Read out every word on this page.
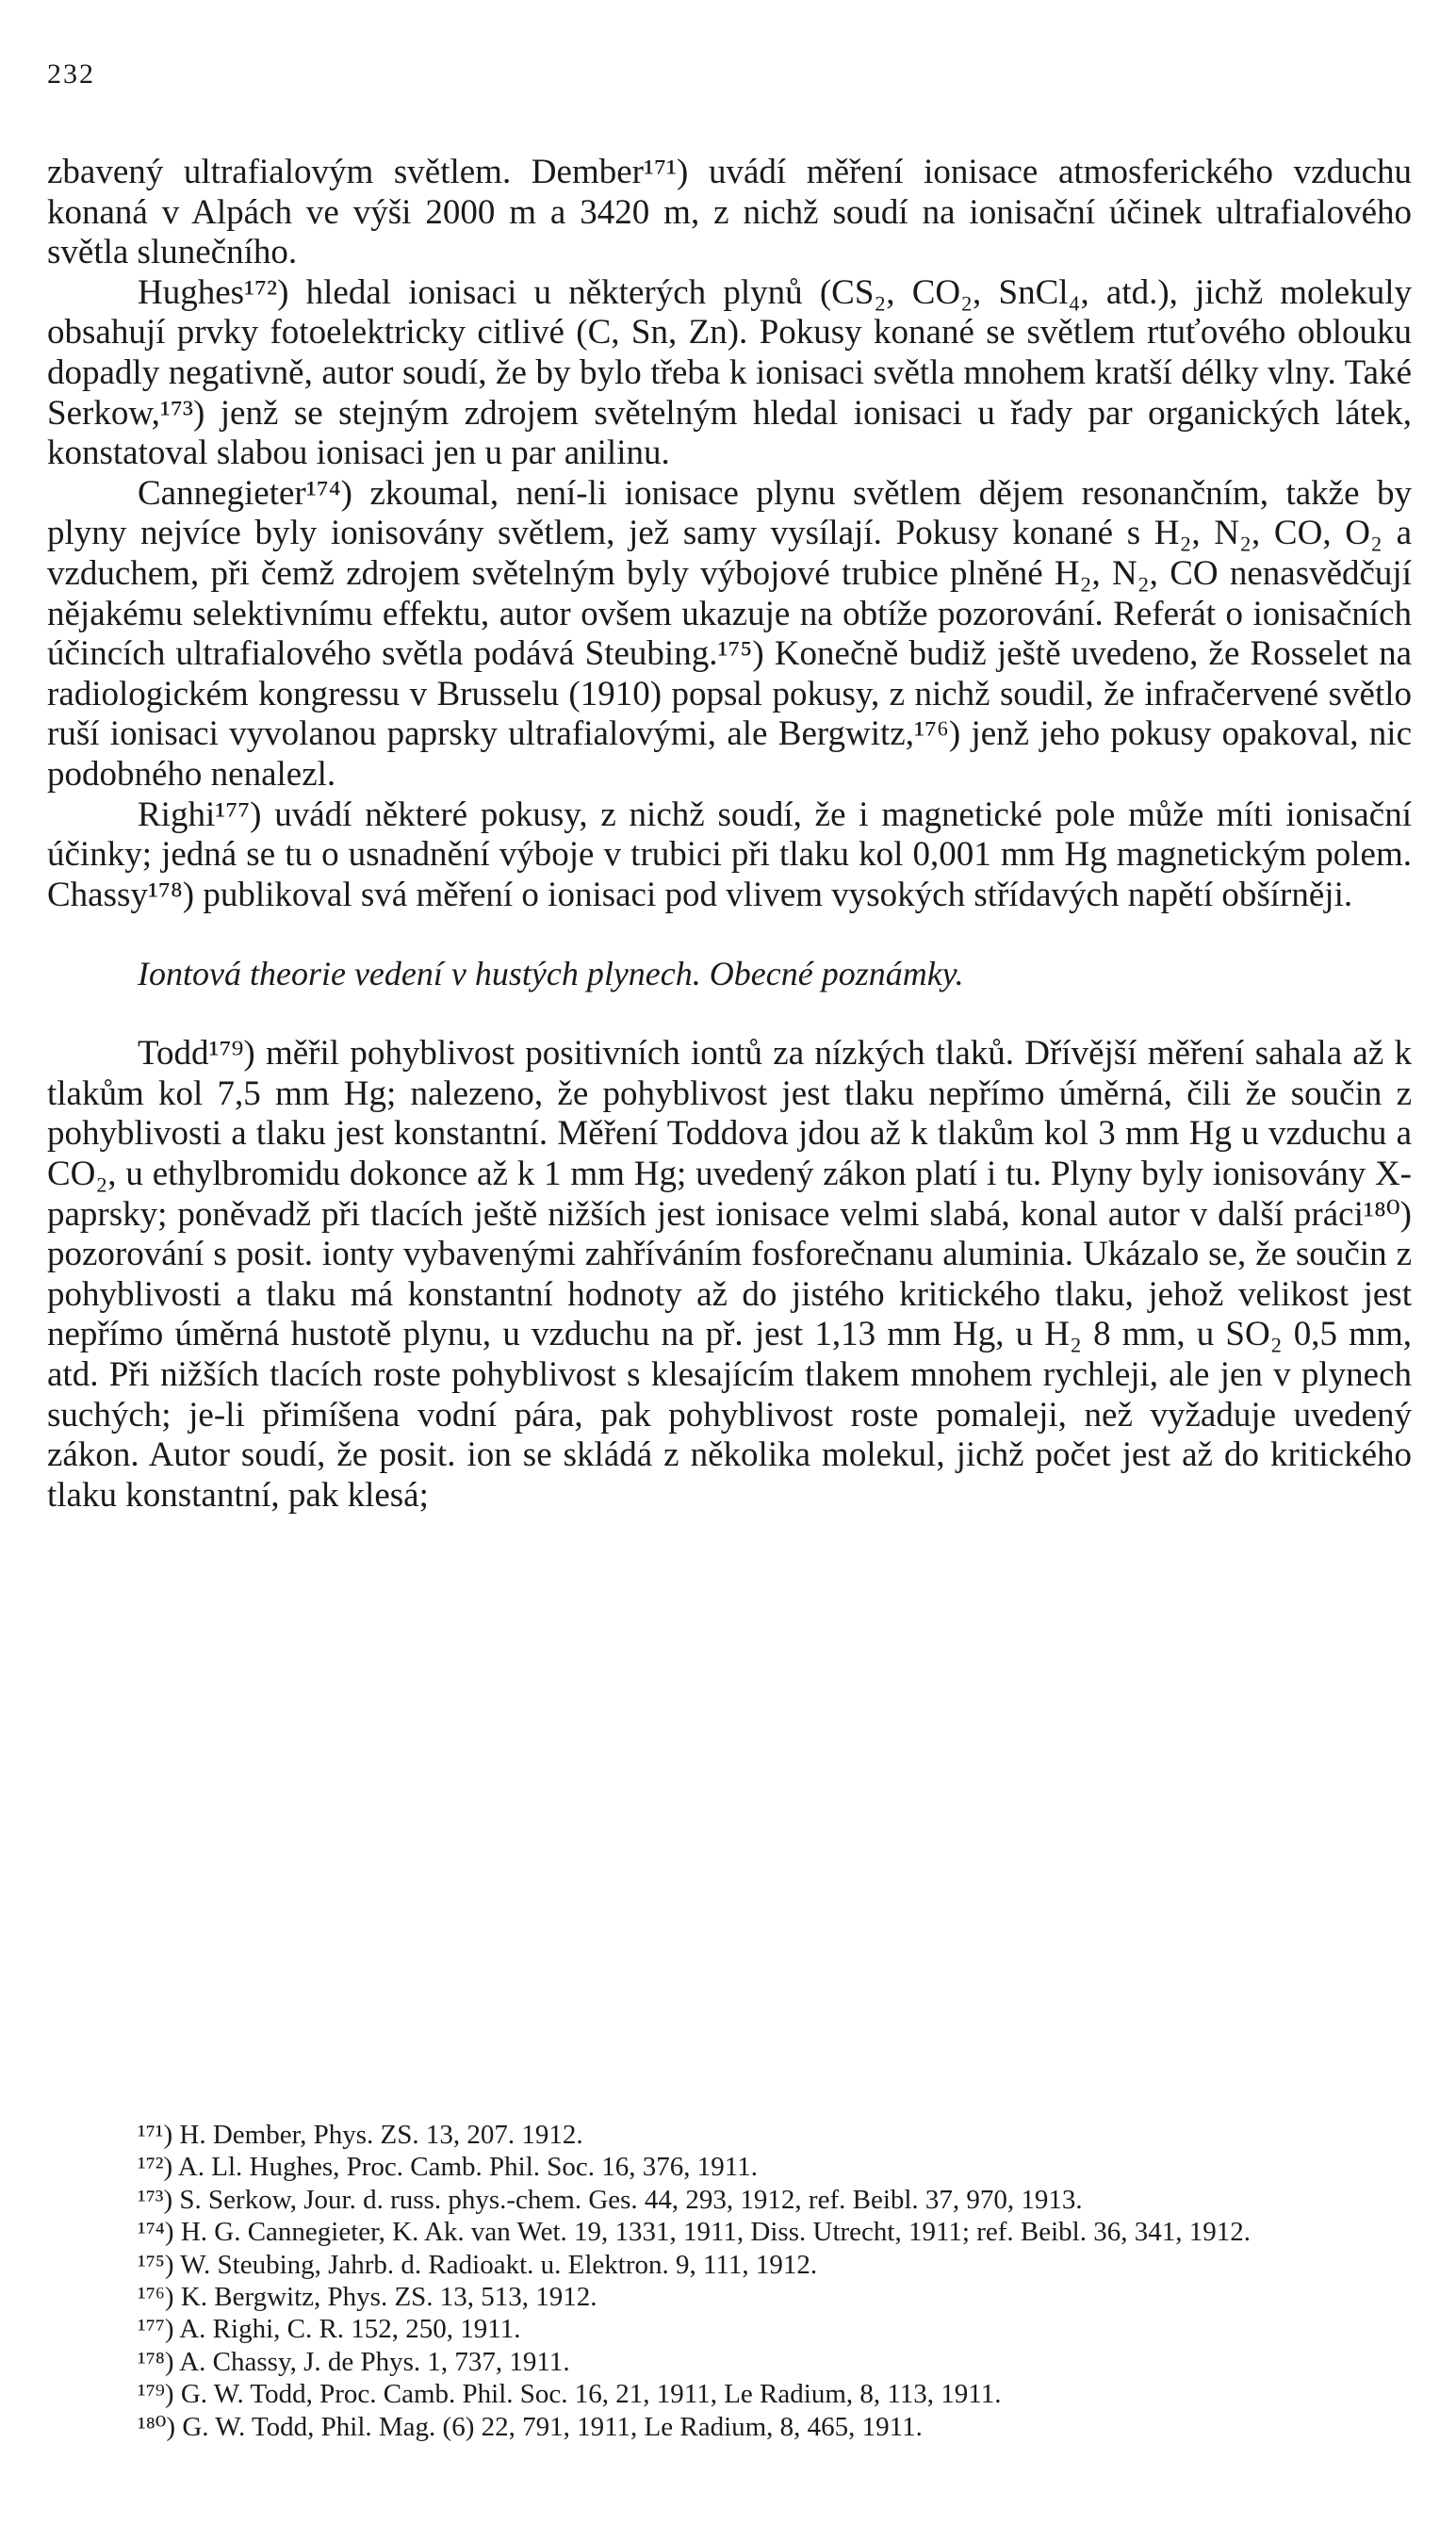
232

zbavený ultrafialovým světlem. Dember¹⁷¹) uvádí měření ionisace atmosferického vzduchu konaná v Alpách ve výši 2000 m a 3420 m, z nichž soudí na ionisační účinek ultrafialového světla slunečního.

Hughes¹⁷²) hledal ionisaci u některých plynů (CS₂, CO₂, SnCl₄, atd.), jichž molekuly obsahují prvky fotoelektricky citlivé (C, Sn, Zn). Pokusy konané se světlem rtuťového oblouku dopadly negativně, autor soudí, že by bylo třeba k ionisaci světla mnohem kratší délky vlny. Také Serkow,¹⁷³) jenž se stejným zdrojem světelným hledal ionisaci u řady par organických látek, konstatoval slabou ionisaci jen u par anilinu.

Cannegieter¹⁷⁴) zkoumal, není-li ionisace plynu světlem dějem resonančním, takže by plyny nejvíce byly ionisovány světlem, jež samy vysílají. Pokusy konané s H₂, N₂, CO, O₂ a vzduchem, při čemž zdrojem světelným byly výbojové trubice plněné H₂, N₂, CO nenasvědčují nějakému selektivnímu effektu, autor ovšem ukazuje na obtíže pozorování. Referát o ionisačních účincích ultrafialového světla podává Steubing.¹⁷⁵) Konečně budiž ještě uvedeno, že Rosselet na radiologickém kongressu v Brusselu (1910) popsal pokusy, z nichž soudil, že infračervené světlo ruší ionisaci vyvolanou paprsky ultrafialovými, ale Bergwitz,¹⁷⁶) jenž jeho pokusy opakoval, nic podobného nenalezl.

Righi¹⁷⁷) uvádí některé pokusy, z nichž soudí, že i magnetické pole může míti ionisační účinky; jedná se tu o usnadnění výboje v trubici při tlaku kol 0,001 mm Hg magnetickým polem. Chassy¹⁷⁸) publikoval svá měření o ionisaci pod vlivem vysokých střídavých napětí obšírněji.

Iontová theorie vedení v hustých plynech. Obecné poznámky.

Todd¹⁷⁹) měřil pohyblivost positivních iontů za nízkých tlaků. Dřívější měření sahala až k tlakům kol 7,5 mm Hg; nalezeno, že pohyblivost jest tlaku nepřímo úměrná, čili že součin z pohyblivosti a tlaku jest konstantní. Měření Toddova jdou až k tlakům kol 3 mm Hg u vzduchu a CO₂, u ethylbromidu dokonce až k 1 mm Hg; uvedený zákon platí i tu. Plyny byly ionisovány X-paprsky; poněvadž při tlacích ještě nižších jest ionisace velmi slabá, konal autor v další práci¹⁸⁰) pozorování s posit. ionty vybavenými zahříváním fosforečnanu aluminia. Ukázalo se, že součin z pohyblivosti a tlaku má konstantní hodnoty až do jistého kritického tlaku, jehož velikost jest nepřímo úměrná hustotě plynu, u vzduchu na př. jest 1,13 mm Hg, u H₂ 8 mm, u SO₂ 0,5 mm, atd. Při nižších tlacích roste pohyblivost s klesajícím tlakem mnohem rychleji, ale jen v plynech suchých; je-li přimíšena vodní pára, pak pohyblivost roste pomaleji, než vyžaduje uvedený zákon. Autor soudí, že posit. ion se skládá z několika molekul, jichž počet jest až do kritického tlaku konstantní, pak klesá;

¹⁷¹) H. Dember, Phys. ZS. 13, 207. 1912.

¹⁷²) A. Ll. Hughes, Proc. Camb. Phil. Soc. 16, 376, 1911.

¹⁷³) S. Serkow, Jour. d. russ. phys.-chem. Ges. 44, 293, 1912, ref. Beibl. 37, 970, 1913.

¹⁷⁴) H. G. Cannegieter, K. Ak. van Wet. 19, 1331, 1911, Diss. Utrecht, 1911; ref. Beibl. 36, 341, 1912.

¹⁷⁵) W. Steubing, Jahrb. d. Radioakt. u. Elektron. 9, 111, 1912.

¹⁷⁶) K. Bergwitz, Phys. ZS. 13, 513, 1912.

¹⁷⁷) A. Righi, C. R. 152, 250, 1911.

¹⁷⁸) A. Chassy, J. de Phys. 1, 737, 1911.

¹⁷⁹) G. W. Todd, Proc. Camb. Phil. Soc. 16, 21, 1911, Le Radium, 8, 113, 1911.

¹⁸⁰) G. W. Todd, Phil. Mag. (6) 22, 791, 1911, Le Radium, 8, 465, 1911.
